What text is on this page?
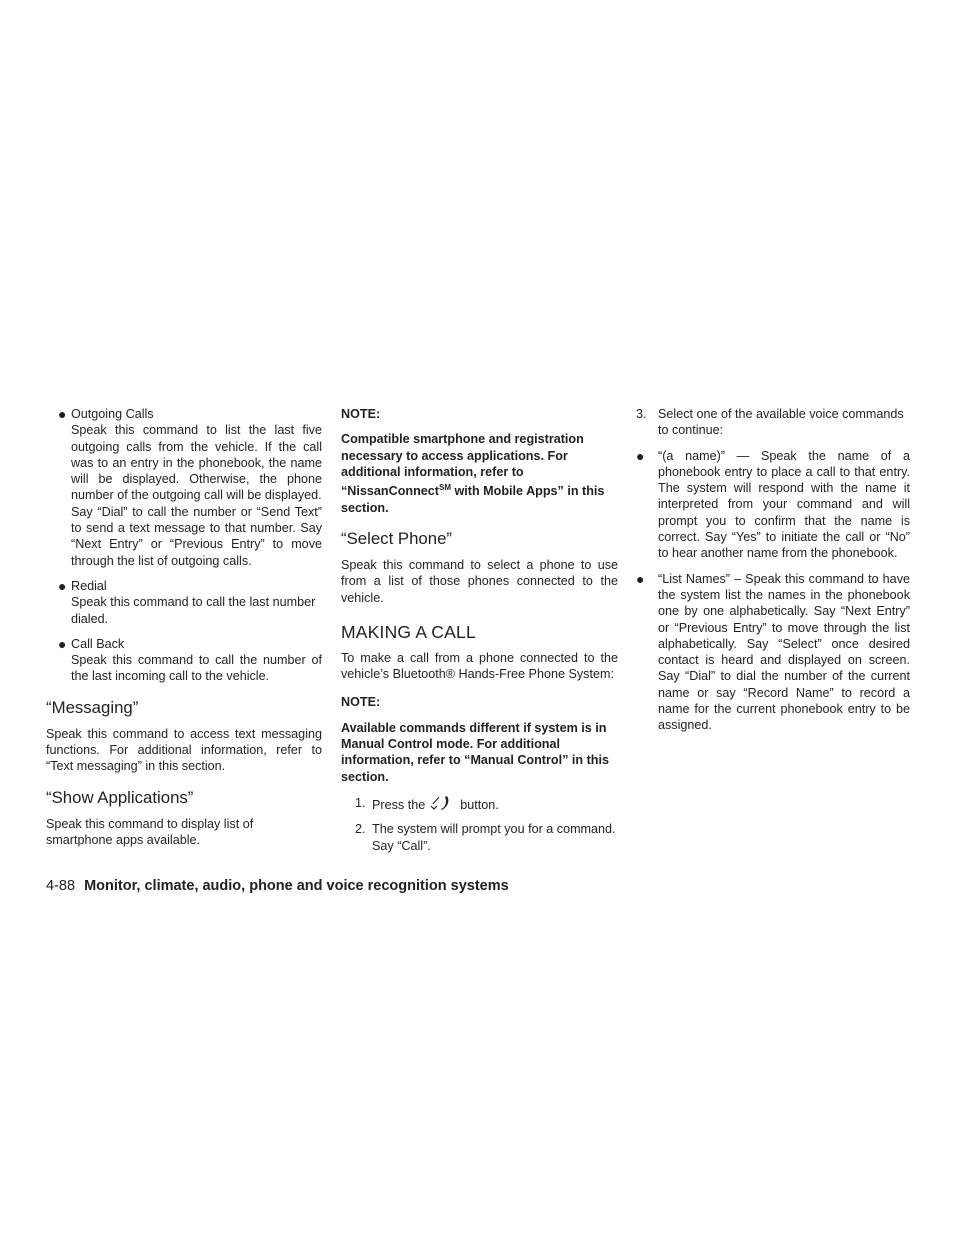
● Outgoing Calls
Speak this command to list the last five outgoing calls from the vehicle. If the call was to an entry in the phonebook, the name will be displayed. Otherwise, the phone number of the outgoing call will be displayed.
Say “Dial” to call the number or “Send Text” to send a text message to that number. Say “Next Entry” or “Previous Entry” to move through the list of outgoing calls.
● Redial
Speak this command to call the last number dialed.
● Call Back
Speak this command to call the number of the last incoming call to the vehicle.
“Messaging”

Speak this command to access text messaging functions. For additional information, refer to “Text messaging” in this section.

“Show Applications”

Speak this command to display list of smartphone apps available.

NOTE:

Compatible smartphone and registration necessary to access applications. For additional information, refer to “NissanConnect℠ with Mobile Apps” in this section.

“Select Phone”

Speak this command to select a phone to use from a list of those phones connected to the vehicle.

MAKING A CALL

To make a call from a phone connected to the vehicle’s Bluetooth® Hands-Free Phone System:

NOTE:

Available commands different if system is in Manual Control mode. For additional information, refer to “Manual Control” in this section.

1. Press the	button.
2. The system will prompt you for a command. Say “Call”.
3. Select one of the available voice commands to continue:
● “(a name)” — Speak the name of a phonebook entry to place a call to that entry. The system will respond with the name it interpreted from your command and will prompt you to confirm that the name is correct. Say “Yes” to initiate the call or “No” to hear another name from the phonebook.
● “List Names” – Speak this command to have the system list the names in the phonebook one by one alphabetically. Say “Next Entry” or “Previous Entry” to move through the list alphabetically. Say “Select” once desired contact is heard and displayed on screen. Say “Dial” to dial the number of the current name or say “Record Name” to record a name for the current phonebook entry to be assigned.
4-88 Monitor, climate, audio, phone and voice recognition systems
